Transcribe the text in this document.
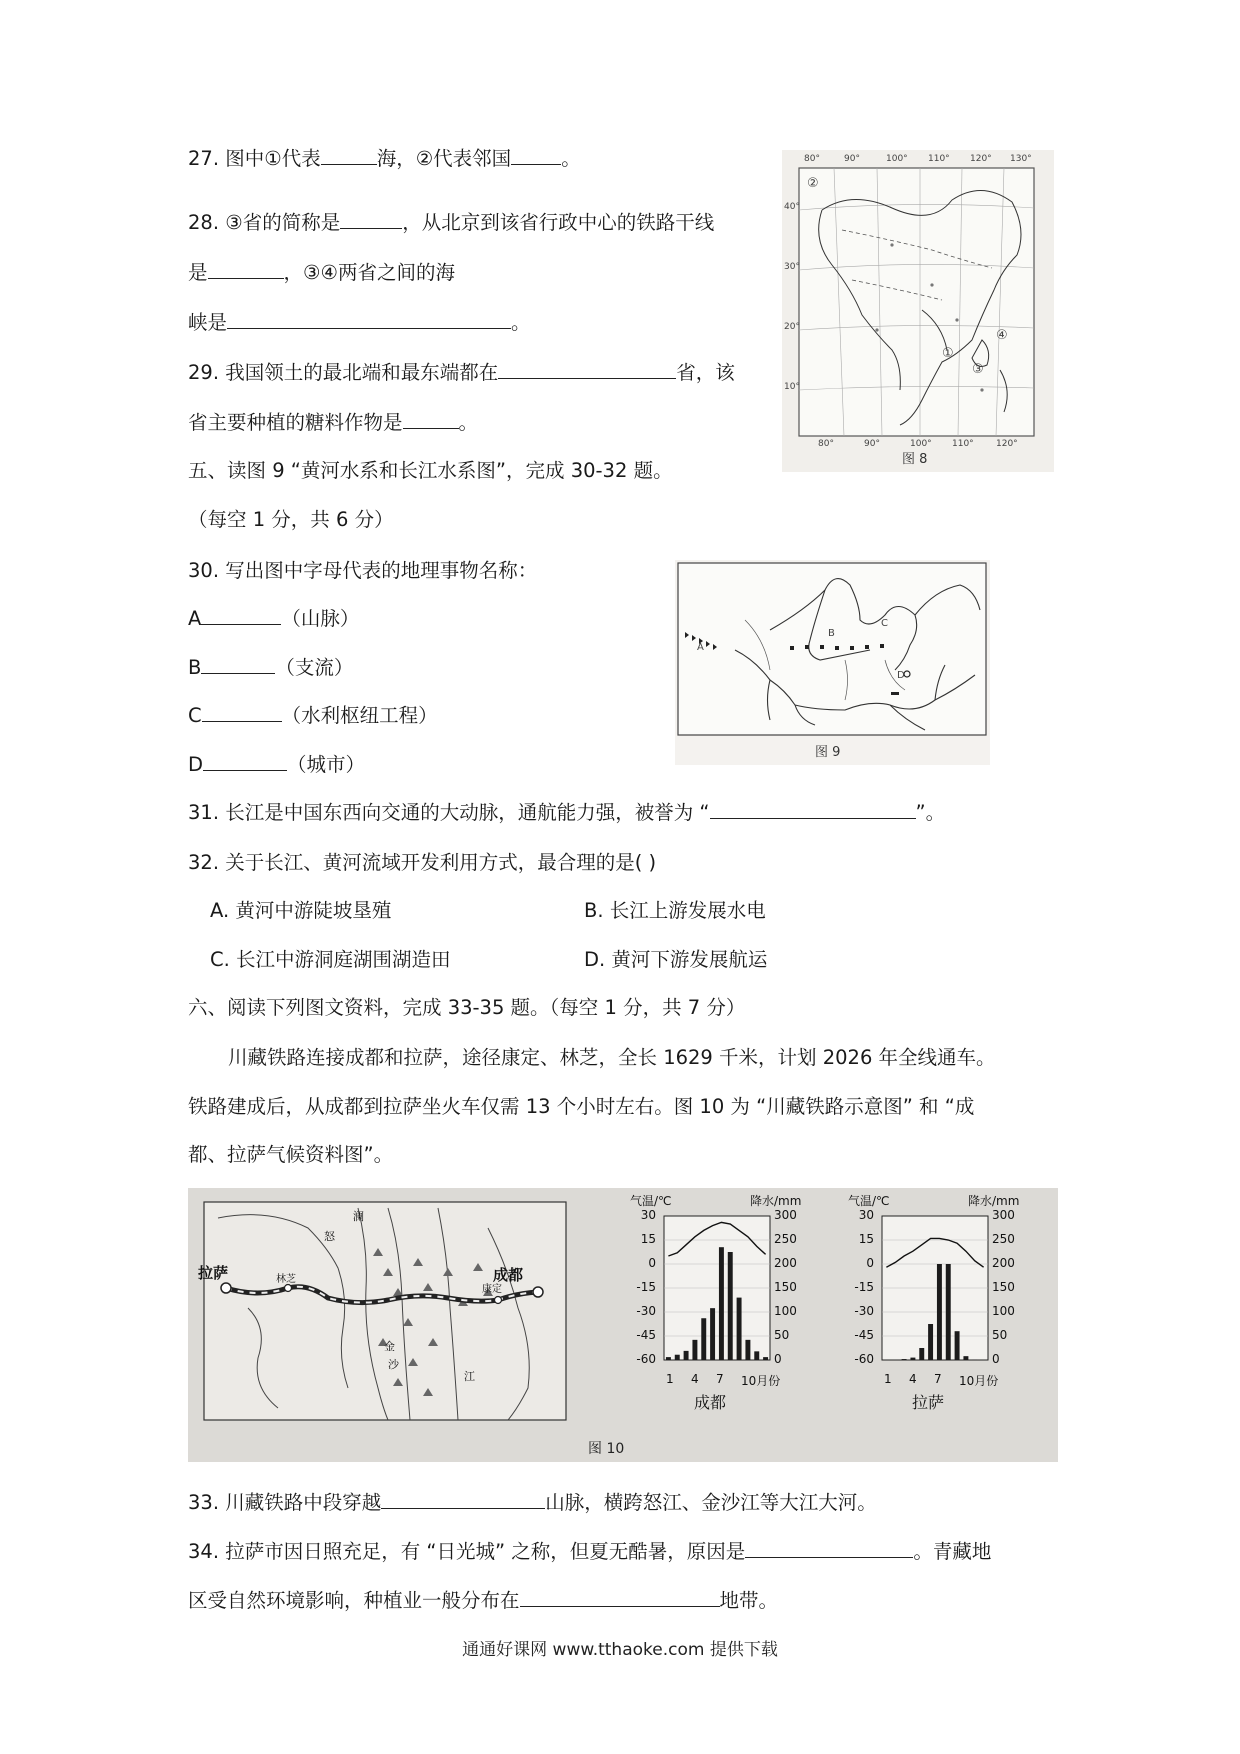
27. 图中①代表	海，②代表邻国	。
28. ③省的简称是	，从北京到该省行政中心的铁路干线
是	，③④两省之间的海
峡是	。
29. 我国领土的最北端和最东端都在	省，该
省主要种植的糖料作物是	。
五、读图 9 “黄河水系和长江水系图”，完成 30-32 题。
（每空 1 分，共 6 分）
②
④
①
③
80°	90°	100° 110° 120° 130°
80°	90°	100° 110° 120°
40°
30°
20°
10°
图 8
30. 写出图中字母代表的地理事物名称：
A	（山脉）
B	（支流）
C	（水利枢纽工程）
D	（城市）
A
B
C
D
图 9
31. 长江是中国东西向交通的大动脉，通航能力强，被誉为 “	”。
32. 关于长江、黄河流域开发利用方式，最合理的是( )
A. 黄河中游陡坡垦殖	B. 长江上游发展水电
C. 长江中游洞庭湖围湖造田	D. 黄河下游发展航运
六、阅读下列图文资料，完成 33-35 题。（每空 1 分，共 7 分）
川藏铁路连接成都和拉萨，途径康定、林芝，全长 1629 千米，计划 2026 年全线通车。
铁路建成后，从成都到拉萨坐火车仅需 13 个小时左右。图 10 为 “川藏铁路示意图” 和 “成
都、拉萨气候资料图”。
拉萨	成都
林芝
康定
澜
怒
江
金
沙
气温/℃	降水/mm
30
15
0
-15
-30
-45
-60
300
250
200
150
100
50
0
1 4 7 10月份
成都
气温/℃	降水/mm
30
15
0
-15
-30
-45
-60
300
250
200
150
100
50
0
1 4 7 10月份
拉萨
图 10
33. 川藏铁路中段穿越	山脉，横跨怒江、金沙江等大江大河。
34. 拉萨市因日照充足，有 “日光城” 之称，但夏无酷暑，原因是	。青藏地
区受自然环境影响，种植业一般分布在	地带。
通通好课网 www.tthaoke.com 提供下载
